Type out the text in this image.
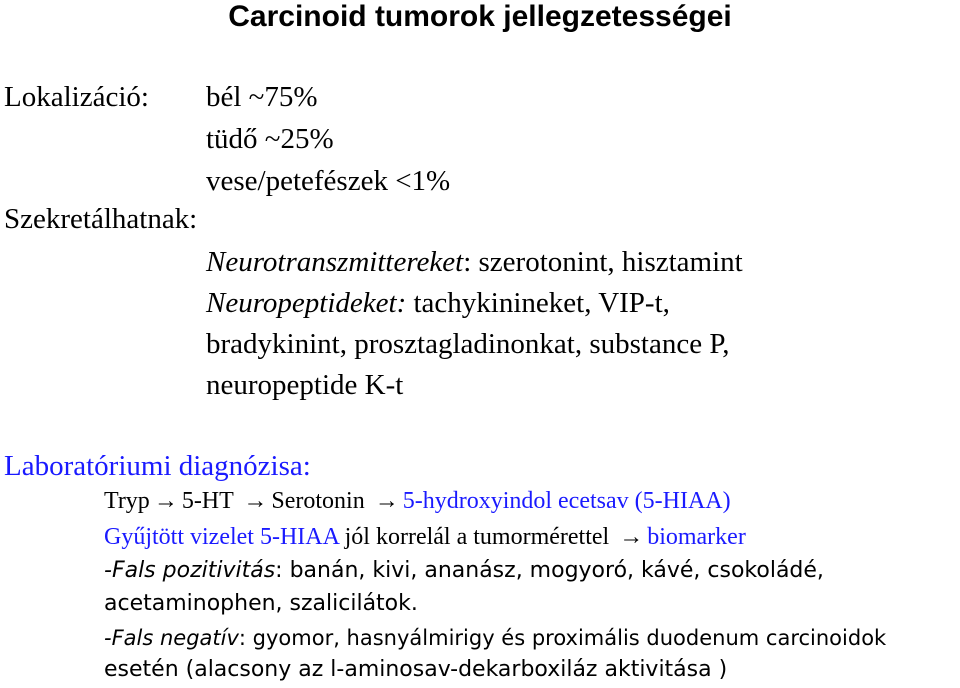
Carcinoid tumorok jellegzetességei
Lokalizáció: bél ~75%
tüdő ~25%
vese/petefészek <1%
Szekretálhatnak:
Neurotranszmittereket: szerotonint, hisztamint
Neuropeptideket: tachykinineket, VIP-t,
bradykinint, prosztagladinonkat, substance P,
neuropeptide K-t
Laboratóriumi diagnózisa:
Tryp → 5-HT → Serotonin → 5-hydroxyindol ecetsav (5-HIAA)
Gyűjtött vizelet 5-HIAA jól korrelál a tumormérettel → biomarker
-Fals pozitivitás: banán, kivi, ananász, mogyoró, kávé, csokoládé,
acetaminophen, szalicilátok.
-Fals negatív: gyomor, hasnyálmirigy és proximális duodenum carcinoidok
esetén (alacsony az l-aminosav-dekarboxiláz aktivitása )
